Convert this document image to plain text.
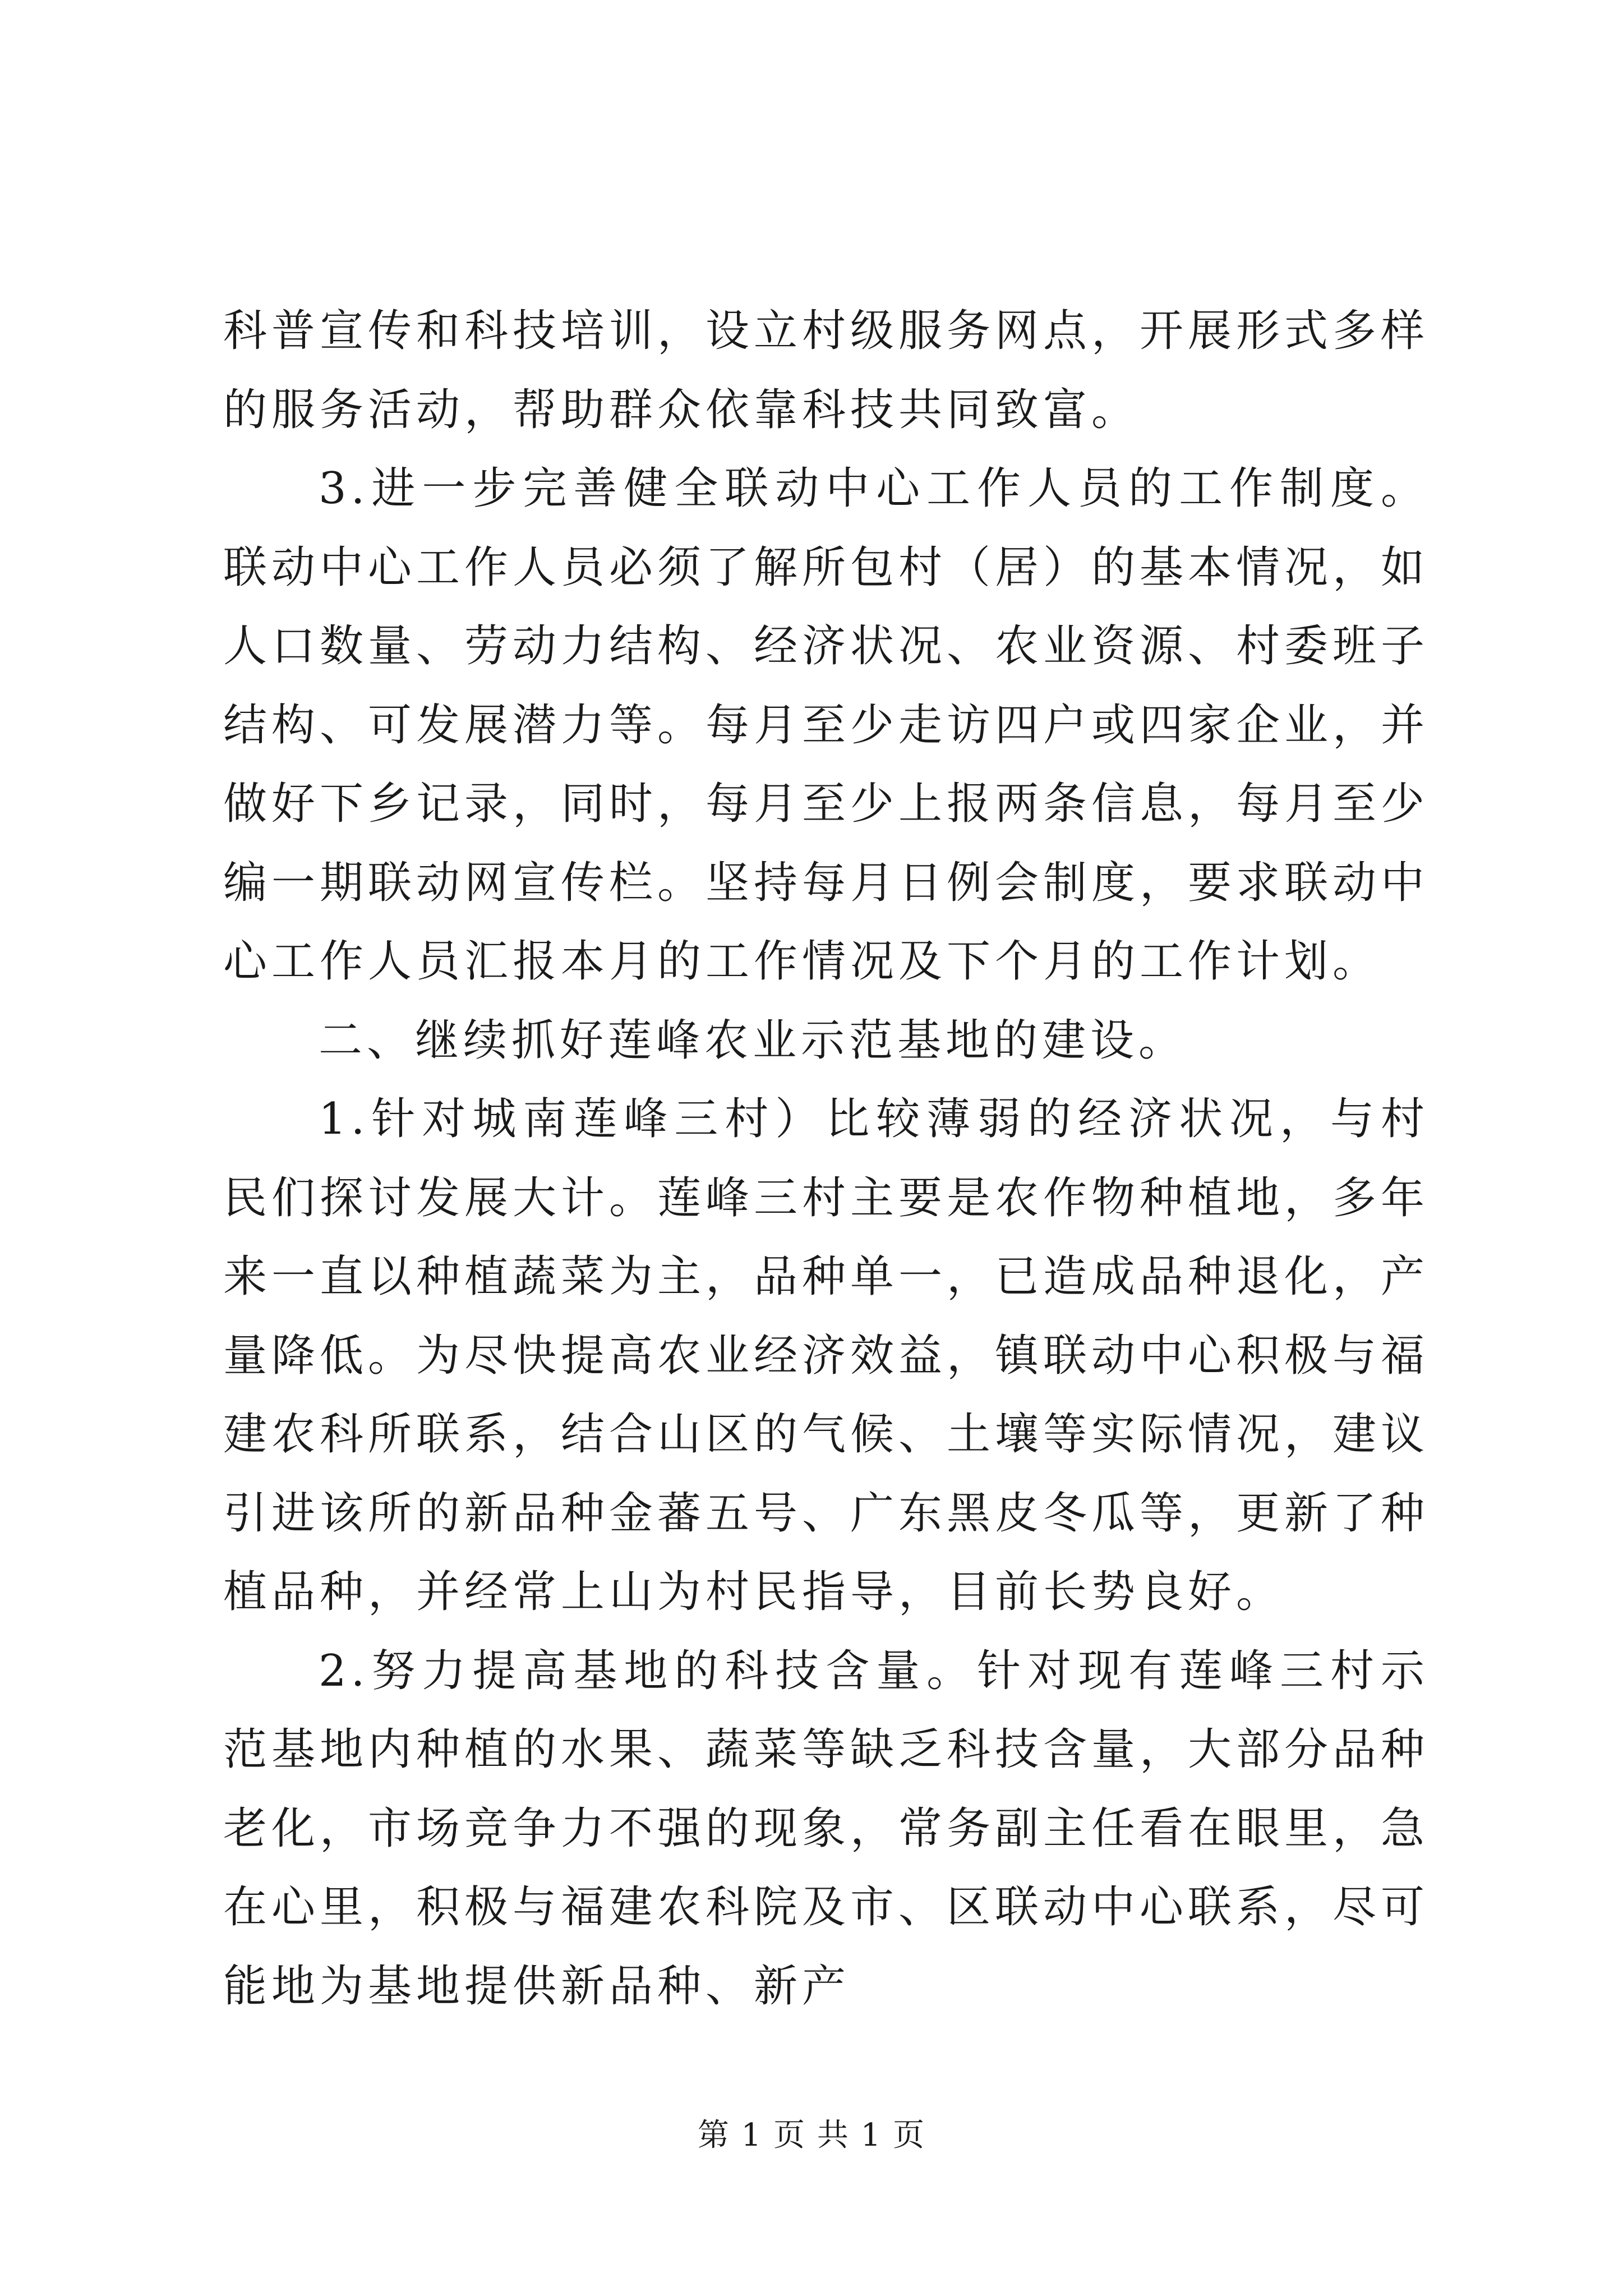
科普宣传和科技培训，设立村级服务网点，开展形式多样的服务活动，帮助群众依靠科技共同致富。

3.进一步完善健全联动中心工作人员的工作制度。联动中心工作人员必须了解所包村（居）的基本情况，如人口数量、劳动力结构、经济状况、农业资源、村委班子结构、可发展潜力等。每月至少走访四户或四家企业，并做好下乡记录，同时，每月至少上报两条信息，每月至少编一期联动网宣传栏。坚持每月日例会制度，要求联动中心工作人员汇报本月的工作情况及下个月的工作计划。

二、继续抓好莲峰农业示范基地的建设。

1.针对城南莲峰三村）比较薄弱的经济状况，与村民们探讨发展大计。莲峰三村主要是农作物种植地，多年来一直以种植蔬菜为主，品种单一，已造成品种退化，产量降低。为尽快提高农业经济效益，镇联动中心积极与福建农科所联系，结合山区的气候、土壤等实际情况，建议引进该所的新品种金蕃五号、广东黑皮冬瓜等，更新了种植品种，并经常上山为村民指导，目前长势良好。

2.努力提高基地的科技含量。针对现有莲峰三村示范基地内种植的水果、蔬菜等缺乏科技含量，大部分品种老化，市场竞争力不强的现象，常务副主任看在眼里，急在心里，积极与福建农科院及市、区联动中心联系，尽可能地为基地提供新品种、新产

第 1 页 共 1 页
